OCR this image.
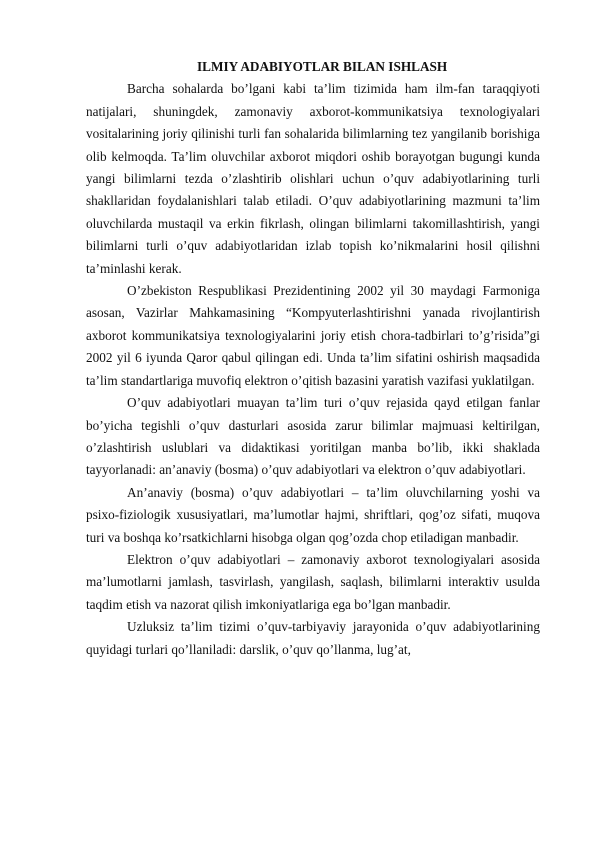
ILMIY ADABIYOTLAR BILAN ISHLASH

Barcha sohalarda bo’lgani kabi ta’lim tizimida ham ilm-fan taraqqiyoti natijalari, shuningdek, zamonaviy axborot-kommunikatsiya texnologiyalari vositalarining joriy qilinishi turli fan sohalarida bilimlarning tez yangilanib borishiga olib kelmoqda. Ta’lim oluvchilar axborot miqdori oshib borayotgan bugungi kunda yangi bilimlarni tezda o’zlashtirib olishlari uchun o’quv adabiyotlarining turli shakllaridan foydalanishlari talab etiladi. O’quv adabiyotlarining mazmuni ta’lim oluvchilarda mustaqil va erkin fikrlash, olingan bilimlarni takomillashtirish, yangi bilimlarni turli o’quv adabiyotlaridan izlab topish ko’nikmalarini hosil qilishni ta’minlashi kerak.

O’zbekiston Respublikasi Prezidentining 2002 yil 30 maydagi Farmoniga asosan, Vazirlar Mahkamasining “Kompyuterlashtirishni yanada rivojlantirish axborot kommunikatsiya texnologiyalarini joriy etish chora-tadbirlari to’g’risida”gi 2002 yil 6 iyunda Qaror qabul qilingan edi. Unda ta’lim sifatini oshirish maqsadida ta’lim standartlariga muvofiq elektron o’qitish bazasini yaratish vazifasi yuklatilgan.

O’quv adabiyotlari muayan ta’lim turi o’quv rejasida qayd etilgan fanlar bo’yicha tegishli o’quv dasturlari asosida zarur bilimlar majmuasi keltirilgan, o’zlashtirish uslublari va didaktikasi yoritilgan manba bo’lib, ikki shaklada tayyorlanadi: an’anaviy (bosma) o’quv adabiyotlari va elektron o’quv adabiyotlari.

An’anaviy (bosma) o’quv adabiyotlari – ta’lim oluvchilarning yoshi va psixo-fiziologik xususiyatlari, ma’lumotlar hajmi, shriftlari, qog’oz sifati, muqova turi va boshqa ko’rsatkichlarni hisobga olgan qog’ozda chop etiladigan manbadir.

Elektron o’quv adabiyotlari – zamonaviy axborot texnologiyalari asosida ma’lumotlarni jamlash, tasvirlash, yangilash, saqlash, bilimlarni interaktiv usulda taqdim etish va nazorat qilish imkoniyatlariga ega bo’lgan manbadir.

Uzluksiz ta’lim tizimi o’quv-tarbiyaviy jarayonida o’quv adabiyotlarining quyidagi turlari qo’llaniladi: darslik, o’quv qo’llanma, lug’at,
